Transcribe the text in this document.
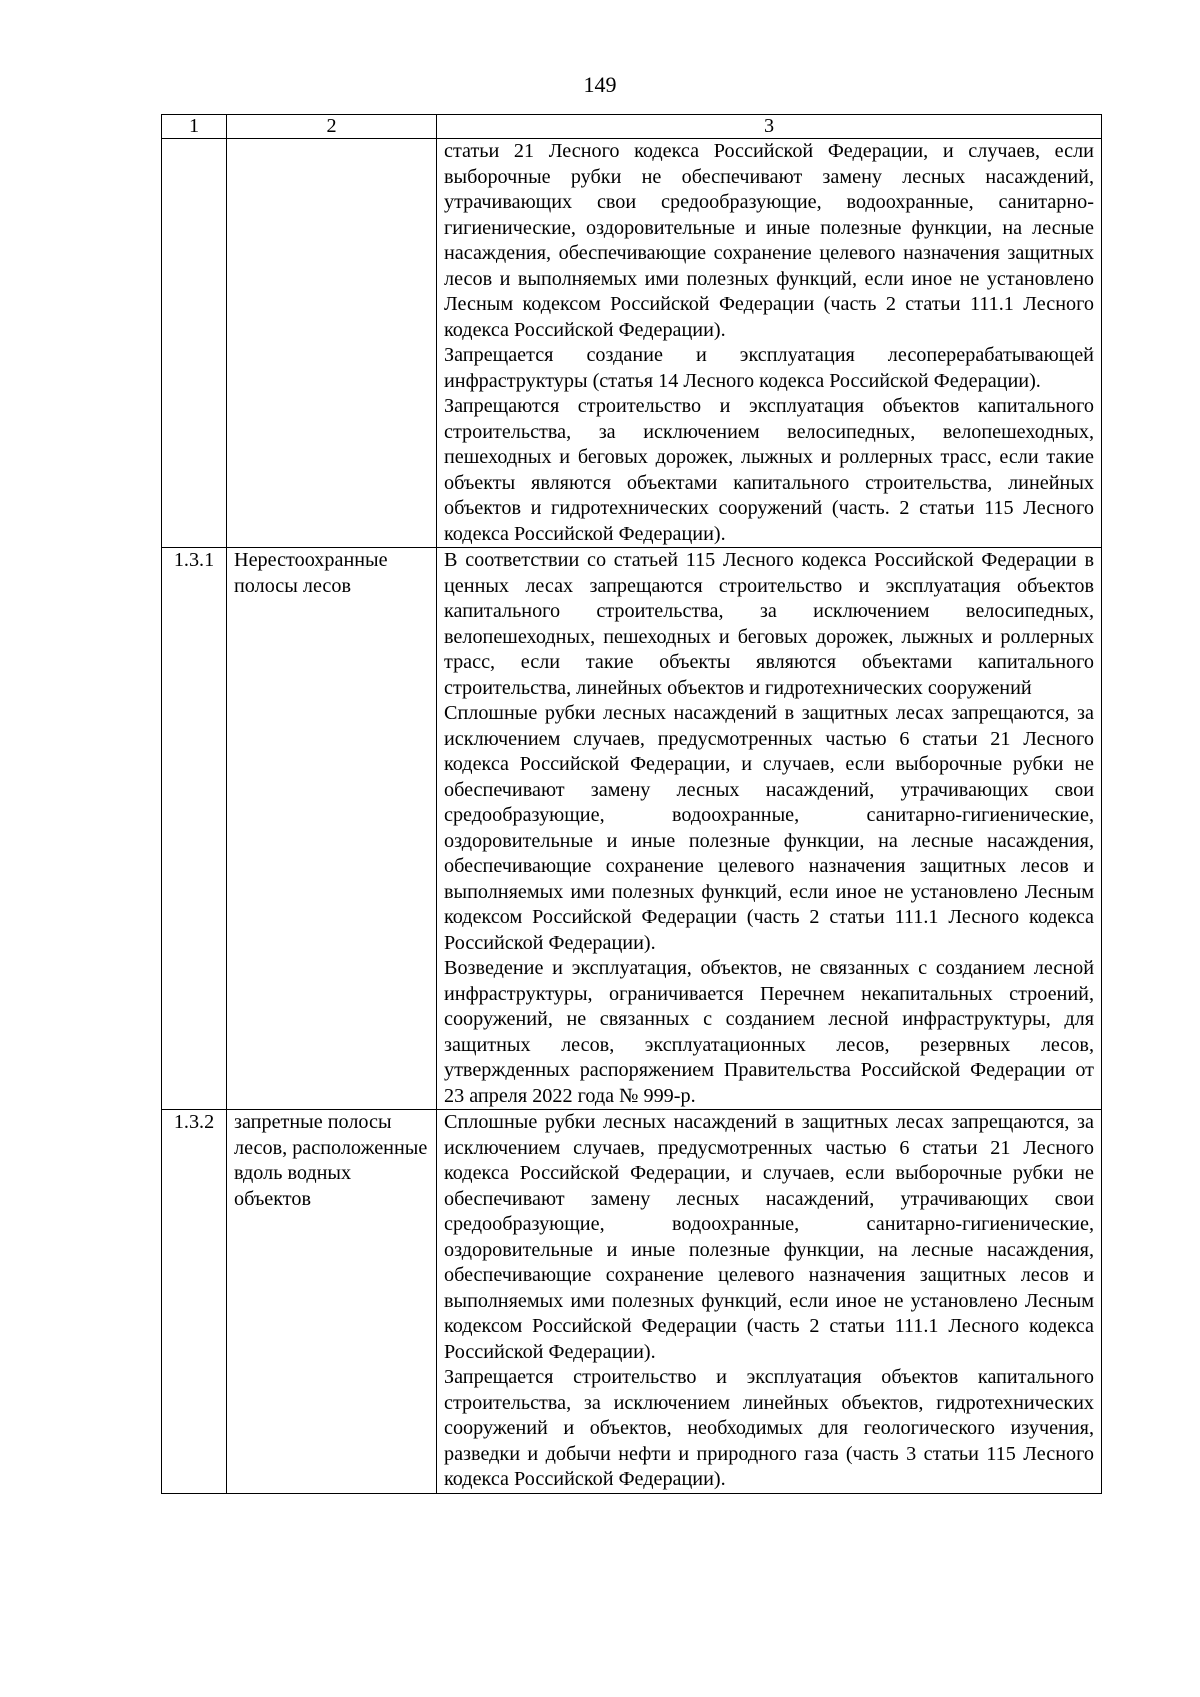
149
1	2	3

		статьи 21 Лесного кодекса Российской Федерации, и случаев, если выборочные рубки не обеспечивают замену лесных насаждений, утрачивающих свои средообразующие, водоохранные, санитарно-гигиенические, оздоровительные и иные полезные функции, на лесные насаждения, обеспечивающие сохранение целевого назначения защитных лесов и выполняемых ими полезных функций, если иное не установлено Лесным кодексом Российской Федерации (часть 2 статьи 111.1 Лесного кодекса Российской Федерации).

Запрещается создание и эксплуатация лесоперерабатывающей инфраструктуры (статья 14 Лесного кодекса Российской Федерации).

Запрещаются строительство и эксплуатация объектов капитального строительства, за исключением велосипедных, велопешеходных, пешеходных и беговых дорожек, лыжных и роллерных трасс, если такие объекты являются объектами капитального строительства, линейных объектов и гидротехнических сооружений (часть. 2 статьи 115 Лесного кодекса Российской Федерации).

1.3.1	Нерестоохранные полосы лесов	В соответствии со статьей 115 Лесного кодекса Российской Федерации в ценных лесах запрещаются строительство и эксплуатация объектов капитального строительства, за исключением велосипедных, велопешеходных, пешеходных и беговых дорожек, лыжных и роллерных трасс, если такие объекты являются объектами капитального строительства, линейных объектов и гидротехнических сооружений

Сплошные рубки лесных насаждений в защитных лесах запрещаются, за исключением случаев, предусмотренных частью 6 статьи 21 Лесного кодекса Российской Федерации, и случаев, если выборочные рубки не обеспечивают замену лесных насаждений, утрачивающих свои средообразующие, водоохранные, санитарно-гигиенические, оздоровительные и иные полезные функции, на лесные насаждения, обеспечивающие сохранение целевого назначения защитных лесов и выполняемых ими полезных функций, если иное не установлено Лесным кодексом Российской Федерации (часть 2 статьи 111.1 Лесного кодекса Российской Федерации).

Возведение и эксплуатация, объектов, не связанных с созданием лесной инфраструктуры, ограничивается Перечнем некапитальных строений, сооружений, не связанных с созданием лесной инфраструктуры, для защитных лесов, эксплуатационных лесов, резервных лесов, утвержденных распоряжением Правительства Российской Федерации от 23 апреля 2022 года № 999-р.

1.3.2	запретные полосы лесов, расположенные вдоль водных объектов	Сплошные рубки лесных насаждений в защитных лесах запрещаются, за исключением случаев, предусмотренных частью 6 статьи 21 Лесного кодекса Российской Федерации, и случаев, если выборочные рубки не обеспечивают замену лесных насаждений, утрачивающих свои средообразующие, водоохранные, санитарно-гигиенические, оздоровительные и иные полезные функции, на лесные насаждения, обеспечивающие сохранение целевого назначения защитных лесов и выполняемых ими полезных функций, если иное не установлено Лесным кодексом Российской Федерации (часть 2 статьи 111.1 Лесного кодекса Российской Федерации).

Запрещается строительство и эксплуатация объектов капитального строительства, за исключением линейных объектов, гидротехнических сооружений и объектов, необходимых для геологического изучения, разведки и добычи нефти и природного газа (часть 3 статьи 115 Лесного кодекса Российской Федерации).
